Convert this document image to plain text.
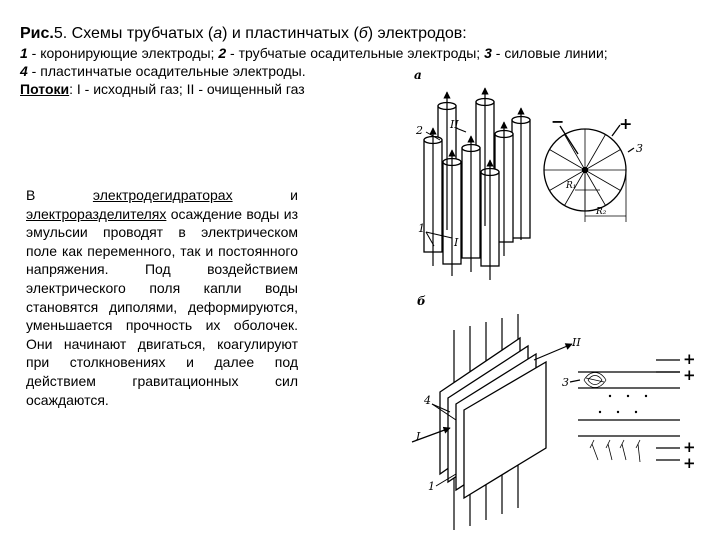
Рис.5. Схемы трубчатых (а) и пластинчатых (б) электродов:
1 - коронирующие электроды; 2 - трубчатые осадительные электроды; 3 - силовые линии;
4 - пластинчатые осадительные электроды.
Потоки: I - исходный газ; II - очищенный газ
В	электродегидраторах	и электроразделителях осаждение воды из эмульсии проводят в электрическом поле как переменного, так и постоянного напряжения. Под воздействием электрического поля капли воды становятся диполями, деформируются, уменьшается прочность их оболочек. Они начинают двигаться, коагулируют при столкновениях и далее под действием гравитационных сил осаждаются.
а
2 II
1
I
−	+
3
R₁
R₂
б
II
4
I
1
3
+
+
+
+
